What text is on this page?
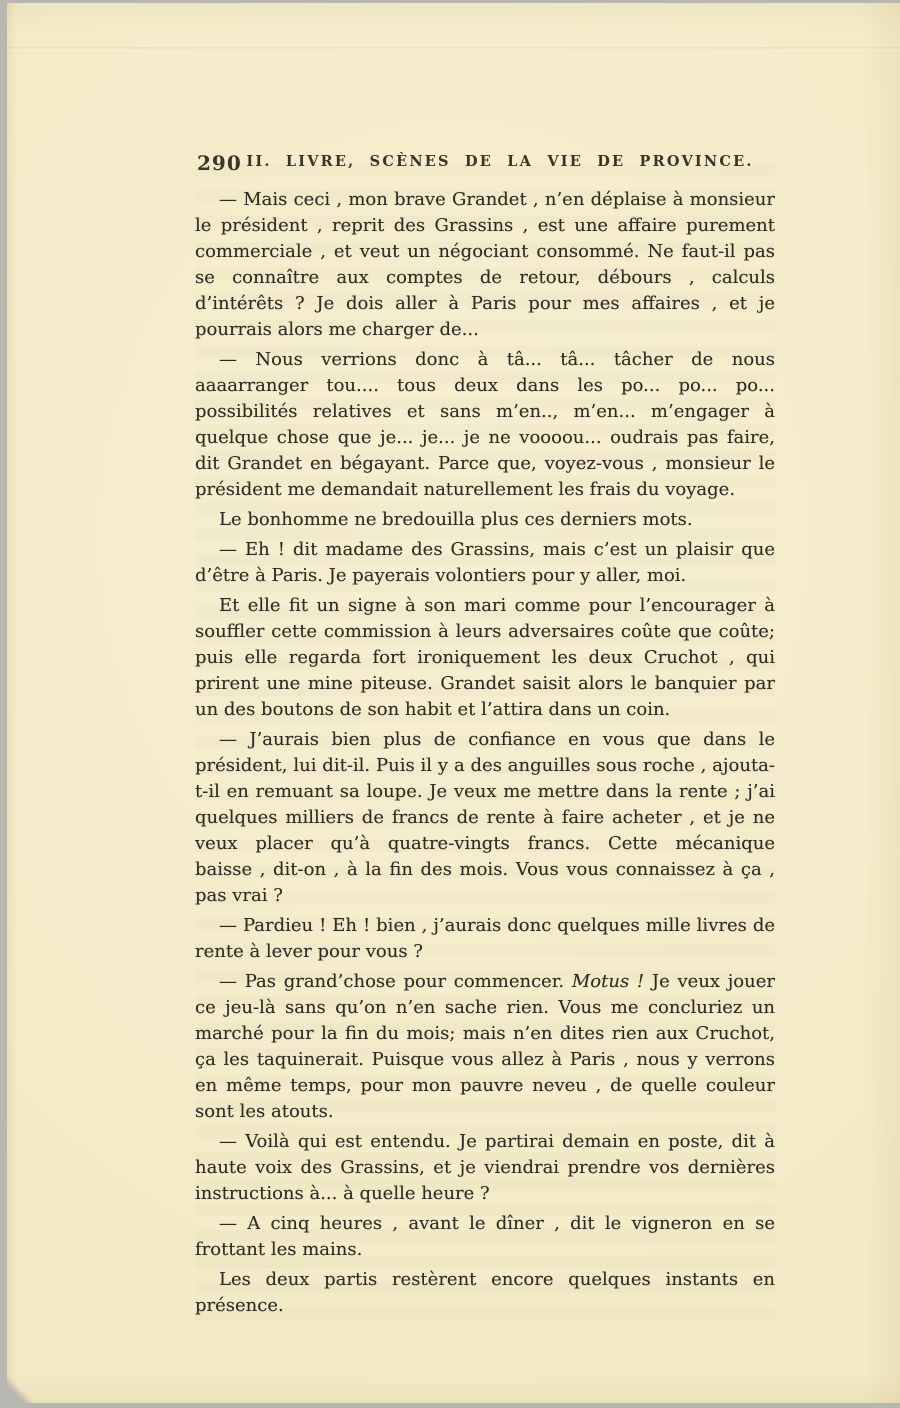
290 II. LIVRE, SCÈNES DE LA VIE DE PROVINCE.

— Mais ceci , mon brave Grandet , n’en déplaise à monsieur le président , reprit des Grassins , est une affaire purement commerciale , et veut un négociant consommé. Ne faut-il pas se connaître aux comptes de retour, débours , calculs d’intérêts ? Je dois aller à Paris pour mes affaires , et je pourrais alors me charger de...

— Nous verrions donc à tâ... tâ... tâcher de nous aaaarranger tou.... tous deux dans les po... po... po... possibilités relatives et sans m’en.., m’en... m’engager à quelque chose que je... je... je ne voooou... oudrais pas faire, dit Grandet en bégayant. Parce que, voyez-vous , monsieur le président me demandait naturellement les frais du voyage.

Le bonhomme ne bredouilla plus ces derniers mots.

— Eh ! dit madame des Grassins, mais c’est un plaisir que d’être à Paris. Je payerais volontiers pour y aller, moi.

Et elle fit un signe à son mari comme pour l’encourager à souffler cette commission à leurs adversaires coûte que coûte; puis elle regarda fort ironiquement les deux Cruchot , qui prirent une mine piteuse. Grandet saisit alors le banquier par un des boutons de son habit et l’attira dans un coin.

— J’aurais bien plus de confiance en vous que dans le président, lui dit-il. Puis il y a des anguilles sous roche , ajouta-t-il en remuant sa loupe. Je veux me mettre dans la rente ; j’ai quelques milliers de francs de rente à faire acheter , et je ne veux placer qu’à quatre-vingts francs. Cette mécanique baisse , dit-on , à la fin des mois. Vous vous connaissez à ça , pas vrai ?

— Pardieu ! Eh ! bien , j’aurais donc quelques mille livres de rente à lever pour vous ?

— Pas grand’chose pour commencer. Motus ! Je veux jouer ce jeu-là sans qu’on n’en sache rien. Vous me concluriez un marché pour la fin du mois; mais n’en dites rien aux Cruchot, ça les taquinerait. Puisque vous allez à Paris , nous y verrons en même temps, pour mon pauvre neveu , de quelle couleur sont les atouts.

— Voilà qui est entendu. Je partirai demain en poste, dit à haute voix des Grassins, et je viendrai prendre vos dernières instructions à... à quelle heure ?

— A cinq heures , avant le dîner , dit le vigneron en se frottant les mains.

Les deux partis restèrent encore quelques instants en présence.
